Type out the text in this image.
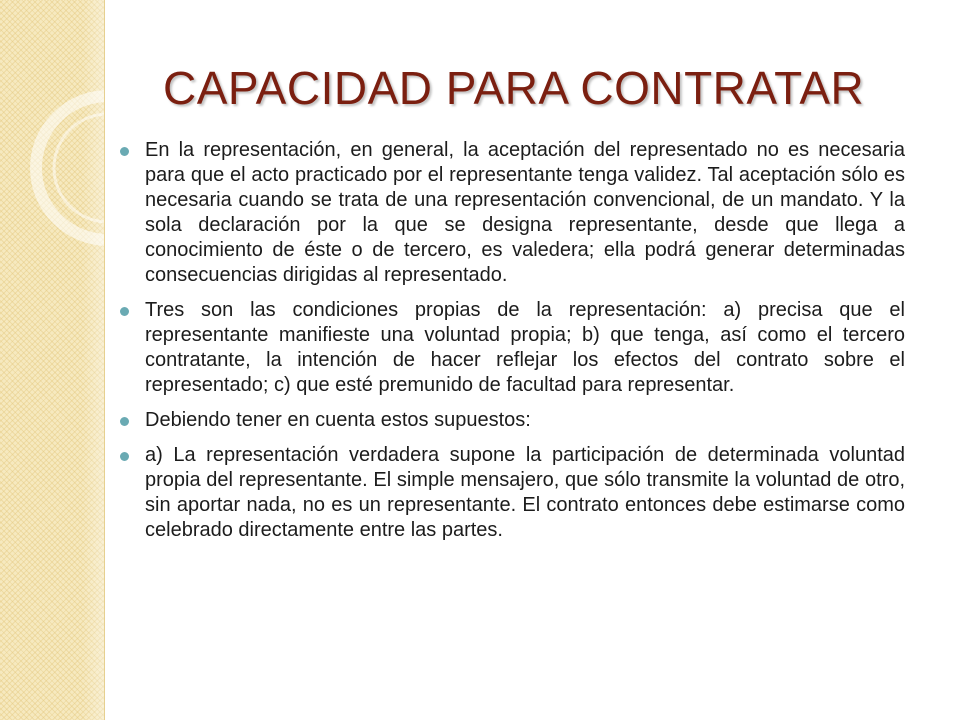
CAPACIDAD PARA CONTRATAR
En la representación, en general, la aceptación del representado no es necesaria para que el acto practicado por el representante tenga validez. Tal aceptación sólo es necesaria cuando se trata de una representación convencional, de un mandato. Y la sola declaración por la que se designa representante, desde que llega a conocimiento de éste o de tercero, es valedera; ella podrá generar determinadas consecuencias dirigidas al representado.
Tres son las condiciones propias de la representación: a) precisa que el representante manifieste una voluntad propia; b) que tenga, así como el tercero contratante, la intención de hacer reflejar los efectos del contrato sobre el representado; c) que esté premunido de facultad para representar.
Debiendo tener en cuenta estos supuestos:
a) La representación verdadera supone la participación de determinada voluntad propia del representante. El simple mensajero, que sólo transmite la voluntad de otro, sin aportar nada, no es un representante. El contrato entonces debe estimarse como celebrado directamente entre las partes.
